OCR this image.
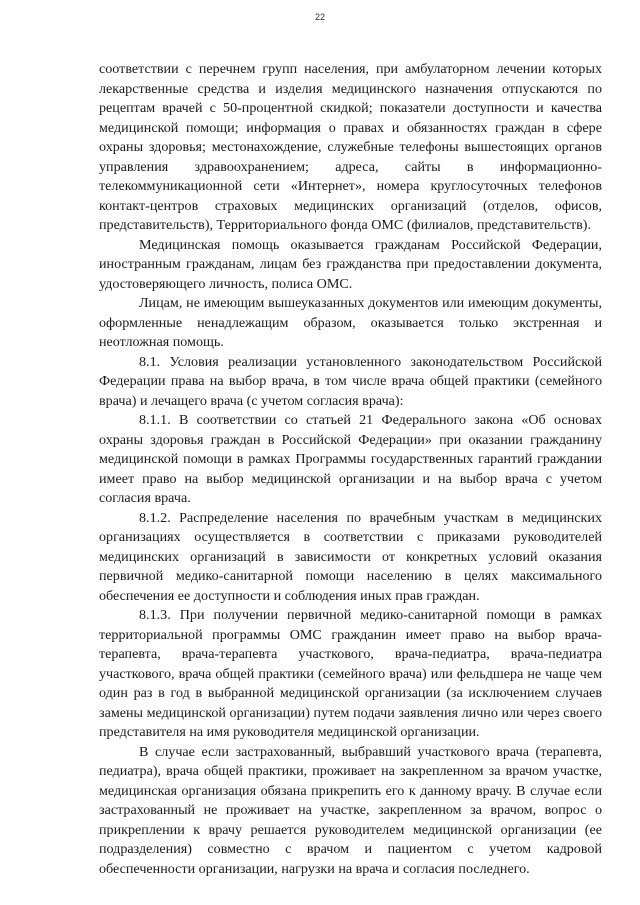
22

соответствии с перечнем групп населения, при амбулаторном лечении которых лекарственные средства и изделия медицинского назначения отпускаются по рецептам врачей с 50-процентной скидкой; показатели доступности и качества медицинской помощи; информация о правах и обязанностях граждан в сфере охраны здоровья; местонахождение, служебные телефоны вышестоящих органов управления здравоохранением; адреса, сайты в информационно-телекоммуникационной сети «Интернет», номера круглосуточных телефонов контакт-центров страховых медицинских организаций (отделов, офисов, представительств), Территориального фонда ОМС (филиалов, представительств).

Медицинская помощь оказывается гражданам Российской Федерации, иностранным гражданам, лицам без гражданства при предоставлении документа, удостоверяющего личность, полиса ОМС.

Лицам, не имеющим вышеуказанных документов или имеющим документы, оформленные ненадлежащим образом, оказывается только экстренная и неотложная помощь.

8.1. Условия реализации установленного законодательством Российской Федерации права на выбор врача, в том числе врача общей практики (семейного врача) и лечащего врача (с учетом согласия врача):

8.1.1. В соответствии со статьей 21 Федерального закона «Об основах охраны здоровья граждан в Российской Федерации» при оказании гражданину медицинской помощи в рамках Программы государственных гарантий граждании имеет право на выбор медицинской организации и на выбор врача с учетом согласия врача.

8.1.2. Распределение населения по врачебным участкам в медицинских организациях осуществляется в соответствии с приказами руководителей медицинских организаций в зависимости от конкретных условий оказания первичной медико-санитарной помощи населению в целях максимального обеспечения ее доступности и соблюдения иных прав граждан.

8.1.3. При получении первичной медико-санитарной помощи в рамках территориальной программы ОМС гражданин имеет право на выбор врача-терапевта, врача-терапевта участкового, врача-педиатра, врача-педиатра участкового, врача общей практики (семейного врача) или фельдшера не чаще чем один раз в год в выбранной медицинской организации (за исключением случаев замены медицинской организации) путем подачи заявления лично или через своего представителя на имя руководителя медицинской организации.

В случае если застрахованный, выбравший участкового врача (терапевта, педиатра), врача общей практики, проживает на закрепленном за врачом участке, медицинская организация обязана прикрепить его к данному врачу. В случае если застрахованный не проживает на участке, закрепленном за врачом, вопрос о прикреплении к врачу решается руководителем медицинской организации (ее подразделения) совместно с врачом и пациентом с учетом кадровой обеспеченности организации, нагрузки на врача и согласия последнего.
